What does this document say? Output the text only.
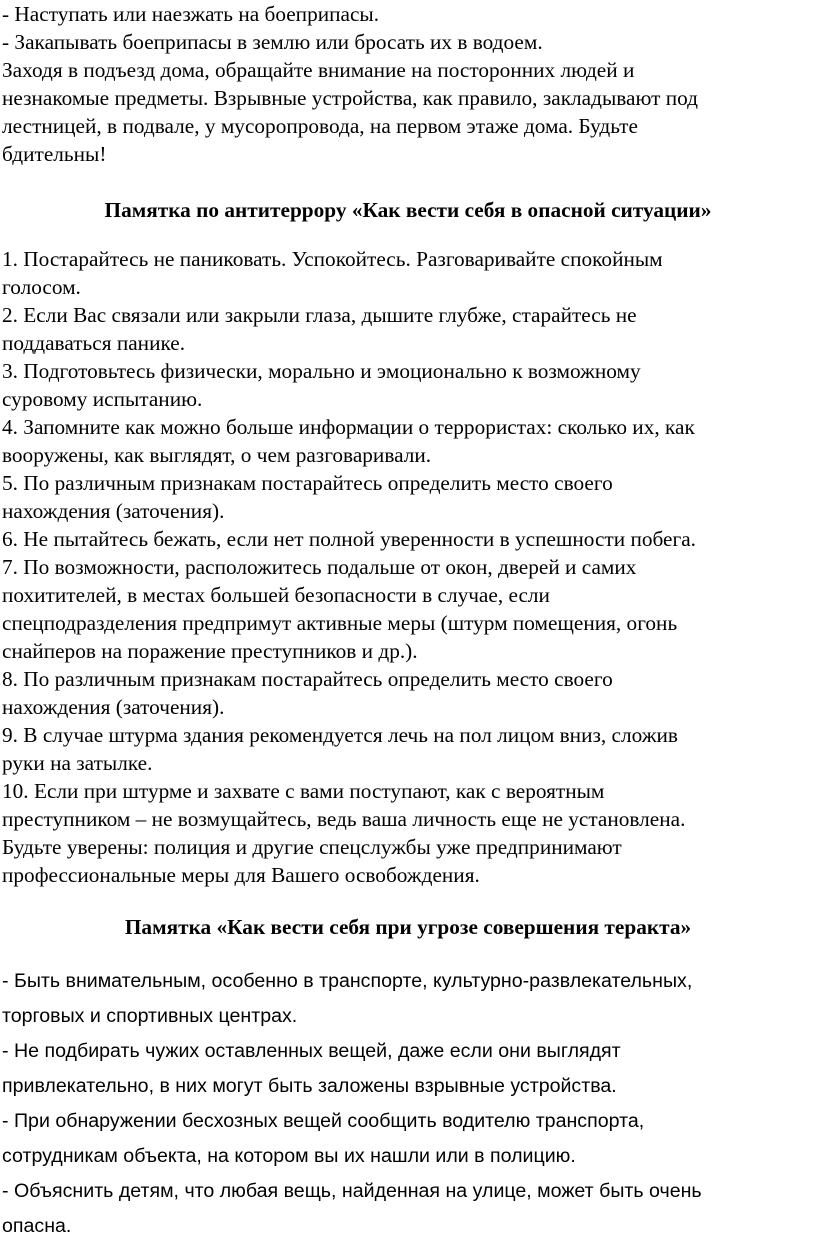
- Наступать или наезжать на боеприпасы.
- Закапывать боеприпасы в землю или бросать их в водоем.
Заходя в подъезд дома, обращайте внимание на посторонних людей и
незнакомые предметы. Взрывные устройства, как правило, закладывают под
лестницей, в подвале, у мусоропровода, на первом этаже дома. Будьте
бдительны!
Памятка по антитеррору «Как вести себя в опасной ситуации»
1. Постарайтесь не паниковать. Успокойтесь. Разговаривайте спокойным
голосом.
2. Если Вас связали или закрыли глаза, дышите глубже, старайтесь не
поддаваться панике.
3. Подготовьтесь физически, морально и эмоционально к возможному
суровому испытанию.
4. Запомните как можно больше информации о террористах: сколько их, как
вооружены, как выглядят, о чем разговаривали.
5. По различным признакам постарайтесь определить место своего
нахождения (заточения).
6. Не пытайтесь бежать, если нет полной уверенности в успешности побега.
7. По возможности, расположитесь подальше от окон, дверей и самих
похитителей, в местах большей безопасности в случае, если
спецподразделения предпримут активные меры (штурм помещения, огонь
снайперов на поражение преступников и др.).
8. По различным признакам постарайтесь определить место своего
нахождения (заточения).
9. В случае штурма здания рекомендуется лечь на пол лицом вниз, сложив
руки на затылке.
10. Если при штурме и захвате с вами поступают, как с вероятным
преступником – не возмущайтесь, ведь ваша личность еще не установлена.
Будьте уверены: полиция и другие спецслужбы уже предпринимают
профессиональные меры для Вашего освобождения.
Памятка «Как вести себя при угрозе совершения теракта»
- Быть внимательным, особенно в транспорте, культурно-развлекательных,
торговых и спортивных центрах.
- Не подбирать чужих оставленных вещей, даже если они выглядят
привлекательно, в них могут быть заложены взрывные устройства.
- При обнаружении бесхозных вещей сообщить водителю транспорта,
сотрудникам объекта, на котором вы их нашли или в полицию.
- Объяснить детям, что любая вещь, найденная на улице, может быть очень
опасна.
